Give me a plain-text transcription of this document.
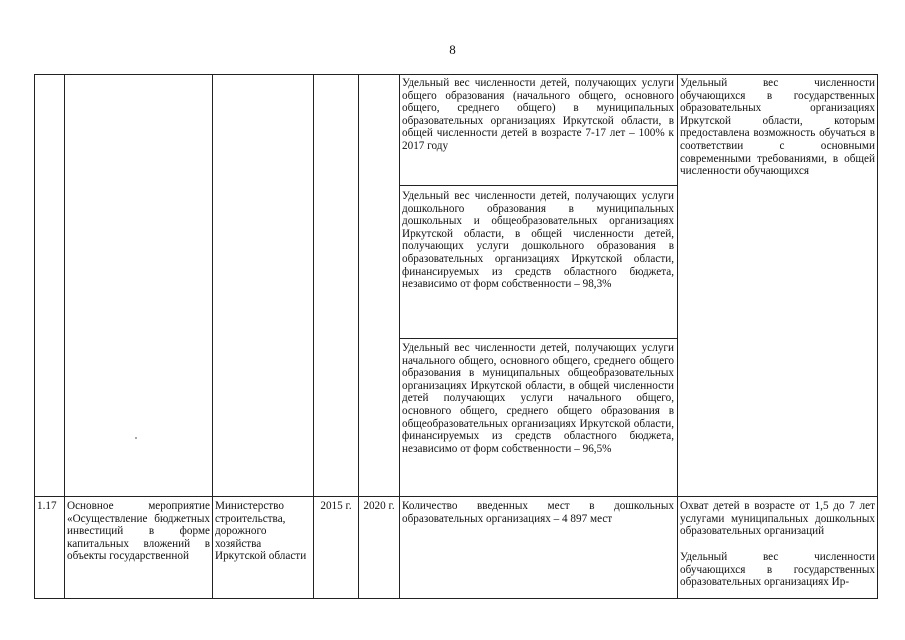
8

Удельный вес численности детей, получающих услуги общего образования (начального общего, основного общего, среднего общего) в муниципальных образовательных организациях Иркутской области, в общей численности детей в возрасте 7-17 лет – 100% к 2017 году

Удельный вес численности детей, получающих услуги дошкольного образования в муниципальных дошкольных и общеобразовательных организациях Иркутской области, в общей численности детей, получающих услуги дошкольного образования в образовательных организациях Иркутской области, финансируемых из средств областного бюджета, независимо от форм собственности – 98,3%

Удельный вес численности детей, получающих услуги начального общего, основного общего, среднего общего образования в муниципальных общеобразовательных организациях Иркутской области, в общей численности детей получающих услуги начального общего, основного общего, среднего общего образования в общеобразовательных организациях Иркутской области, финансируемых из средств областного бюджета, независимо от форм собственности – 96,5%

Удельный вес численности обучающихся в государственных образовательных организациях Иркутской области, которым предоставлена возможность обучаться в соответствии с основными современными требованиями, в общей численности обучающихся

1.17 Основное мероприятие «Осуществление бюджетных инвестиций в форме капитальных вложений в объекты государственной

Министерство строительства, дорожного хозяйства Иркутской области

2015 г.	2020 г. Количество введенных мест в дошкольных образовательных организациях – 4 897 мест

Охват детей в возрасте от 1,5 до 7 лет услугами муниципальных дошкольных образовательных организаций

Удельный вес численности обучающихся в государственных образовательных организациях Ир-
